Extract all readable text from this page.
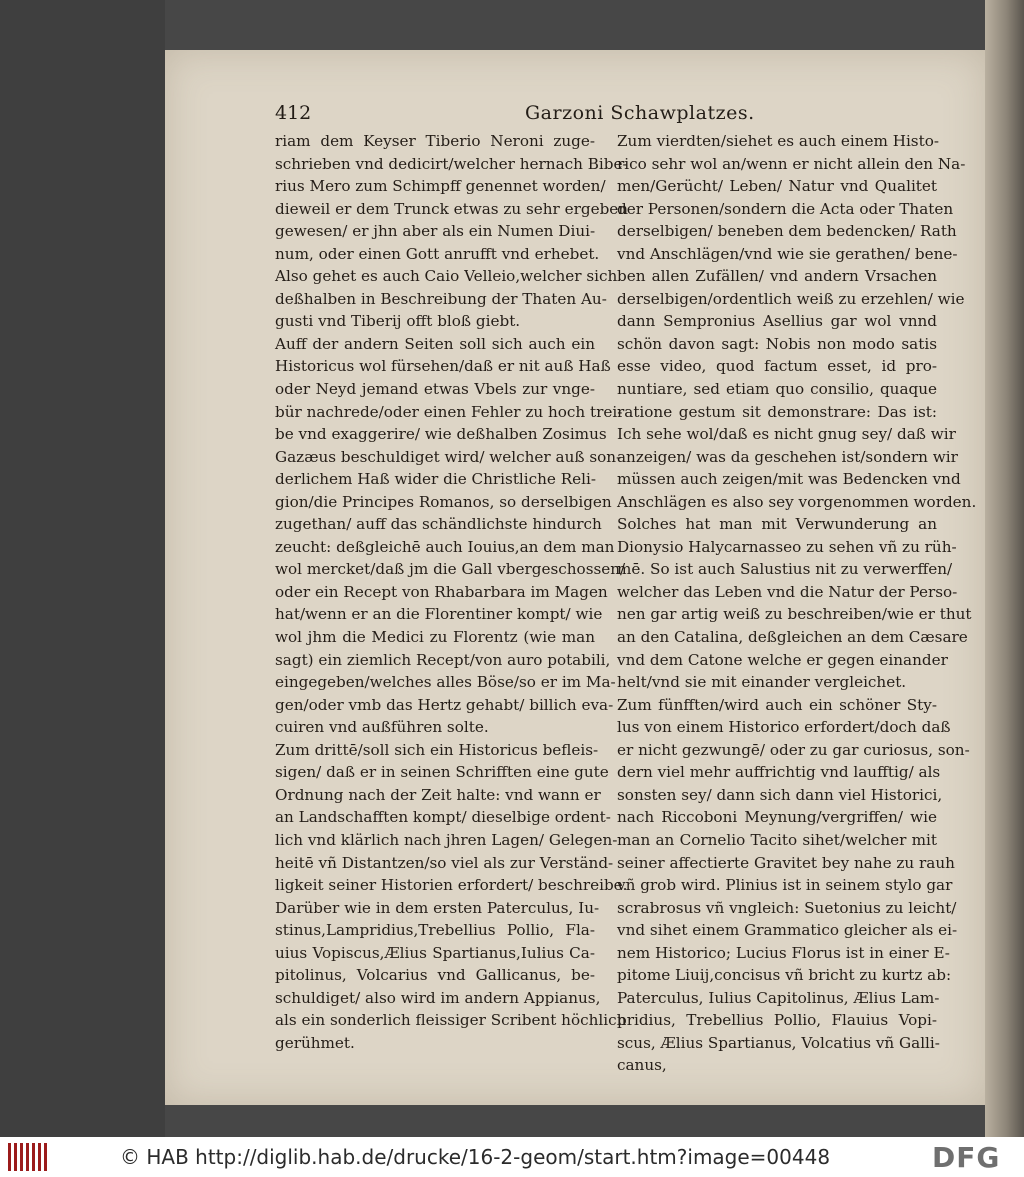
412	Garzoni Schawplatzes.
riam dem Keyser Tiberio Neroni zuge-
schrieben vnd dedicirt/welcher hernach Bibe-
rius Mero zum Schimpff genennet worden/
dieweil er dem Trunck etwas zu sehr ergeben
gewesen/ er jhn aber als ein Numen Diui-
num, oder einen Gott anrufft vnd erhebet.
Also gehet es auch Caio Velleio,welcher sich
deßhalben in Beschreibung der Thaten Au-
gusti vnd Tiberij offt bloß giebt.
Auff der andern Seiten soll sich auch ein
Historicus wol fürsehen/daß er nit auß Haß
oder Neyd jemand etwas Vbels zur vnge-
bür nachrede/oder einen Fehler zu hoch trei-
be vnd exaggerire/ wie deßhalben Zosimus
Gazæus beschuldiget wird/ welcher auß son-
derlichem Haß wider die Christliche Reli-
gion/die Principes Romanos, so derselbigen
zugethan/ auff das schändlichste hindurch
zeucht: deßgleichē auch Iouius,an dem man
wol mercket/daß jm die Gall vbergeschossen/
oder ein Recept von Rhabarbara im Magen
hat/wenn er an die Florentiner kompt/ wie
wol jhm die Medici zu Florentz (wie man
sagt) ein ziemlich Recept/von auro potabili,
eingegeben/welches alles Böse/so er im Ma-
gen/oder vmb das Hertz gehabt/ billich eva-
cuiren vnd außführen solte.
Zum drittē/soll sich ein Historicus befleis-
sigen/ daß er in seinen Schrifften eine gute
Ordnung nach der Zeit halte: vnd wann er
an Landschafften kompt/ dieselbige ordent-
lich vnd klärlich nach jhren Lagen/ Gelegen-
heitē vñ Distantzen/so viel als zur Verständ-
ligkeit seiner Historien erfordert/ beschreibe.
Darüber wie in dem ersten Paterculus, Iu-
stinus,Lampridius,Trebellius Pollio, Fla-
uius Vopiscus,Ælius Spartianus,Iulius Ca-
pitolinus, Volcarius vnd Gallicanus, be-
schuldiget/ also wird im andern Appianus,
als ein sonderlich fleissiger Scribent höchlich
gerühmet.
Zum vierdten/siehet es auch einem Histo-
rico sehr wol an/wenn er nicht allein den Na-
men/Gerücht/ Leben/ Natur vnd Qualitet
der Personen/sondern die Acta oder Thaten
derselbigen/ beneben dem bedencken/ Rath
vnd Anschlägen/vnd wie sie gerathen/ bene-
ben allen Zufällen/ vnd andern Vrsachen
derselbigen/ordentlich weiß zu erzehlen/ wie
dann Sempronius Asellius gar wol vnnd
schön davon sagt: Nobis non modo satis
esse video, quod factum esset, id pro-
nuntiare, sed etiam quo consilio, quaque
ratione gestum sit demonstrare: Das ist:
Ich sehe wol/daß es nicht gnug sey/ daß wir
anzeigen/ was da geschehen ist/sondern wir
müssen auch zeigen/mit was Bedencken vnd
Anschlägen es also sey vorgenommen worden.
Solches hat man mit Verwunderung an
Dionysio Halycarnasseo zu sehen vñ zu rüh-
mē. So ist auch Salustius nit zu verwerffen/
welcher das Leben vnd die Natur der Perso-
nen gar artig weiß zu beschreiben/wie er thut
an den Catalina, deßgleichen an dem Cæsare
vnd dem Catone welche er gegen einander
helt/vnd sie mit einander vergleichet.
Zum fünfften/wird auch ein schöner Sty-
lus von einem Historico erfordert/doch daß
er nicht gezwungē/ oder zu gar curiosus, son-
dern viel mehr auffrichtig vnd laufftig/ als
sonsten sey/ dann sich dann viel Historici,
nach Riccoboni Meynung/vergriffen/ wie
man an Cornelio Tacito sihet/welcher mit
seiner affectierte Gravitet bey nahe zu rauh
vñ grob wird. Plinius ist in seinem stylo gar
scrabrosus vñ vngleich: Suetonius zu leicht/
vnd sihet einem Grammatico gleicher als ei-
nem Historico; Lucius Florus ist in einer E-
pitome Liuij,concisus vñ bricht zu kurtz ab:
Paterculus, Iulius Capitolinus, Ælius Lam-
pridius, Trebellius Pollio, Flauius Vopi-
scus, Ælius Spartianus, Volcatius vñ Galli-
canus,
© HAB http://diglib.hab.de/drucke/16-2-geom/start.htm?image=00448	DFG
